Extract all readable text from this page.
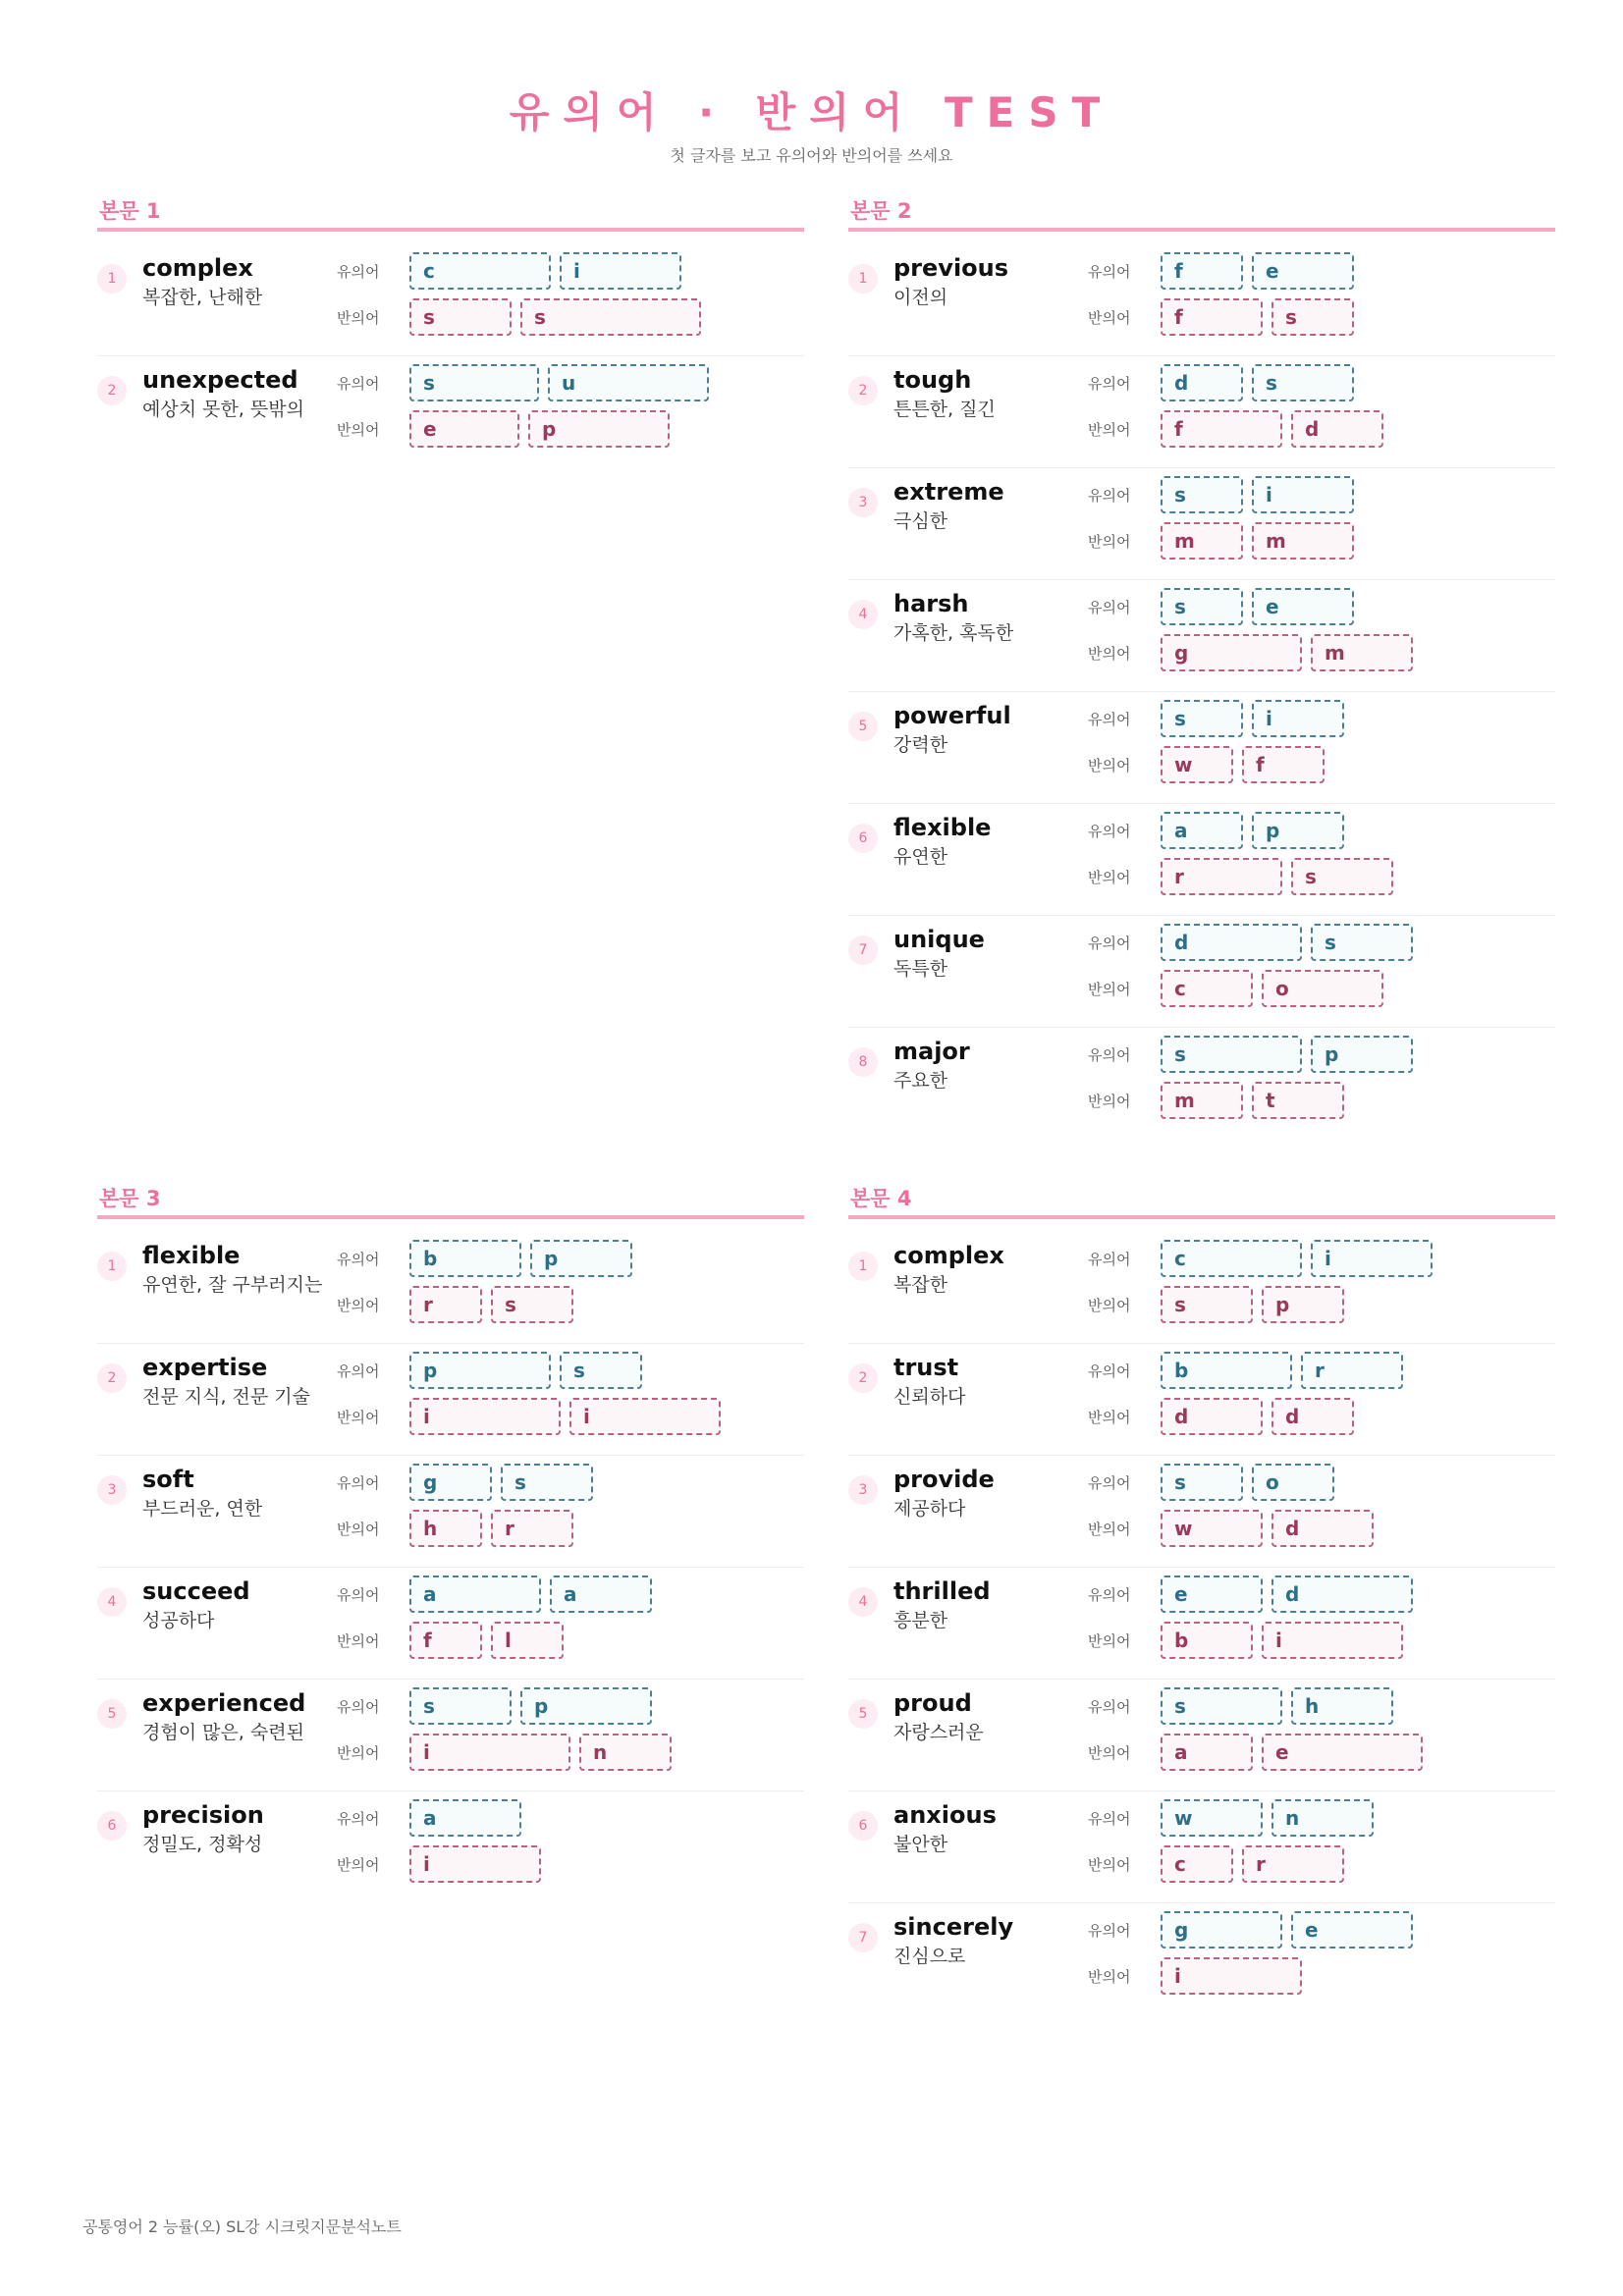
유의어 · 반의어 TEST
첫 글자를 보고 유의어와 반의어를 쓰세요
본문 1
1	complex
복잡한, 난해한
유의어	c	i
반의어	s	s
2	unexpected
예상치 못한, 뜻밖의
유의어	s	u
반의어	e	p
본문 2
1	previous
이전의
유의어	f	e
반의어	f	s
2	tough
튼튼한, 질긴
유의어	d	s
반의어	f	d
3	extreme
극심한
유의어	s	i
반의어	m	m
4	harsh
가혹한, 혹독한
유의어	s	e
반의어	g	m
5	powerful
강력한
유의어	s	i
반의어	w	f
6	flexible
유연한
유의어	a	p
반의어	r	s
7	unique
독특한
유의어	d	s
반의어	c	o
8	major
주요한
유의어	s	p
반의어	m	t
본문 3
1	flexible
유연한, 잘 구부러지는
유의어	b	p
반의어	r	s
2	expertise
전문 지식, 전문 기술
유의어	p	s
반의어	i	i
3	soft
부드러운, 연한
유의어	g	s
반의어	h	r
4	succeed
성공하다
유의어	a	a
반의어	f	l
5	experienced
경험이 많은, 숙련된
유의어	s	p
반의어	i	n
6	precision
정밀도, 정확성
유의어	a
반의어	i
본문 4
1	complex
복잡한
유의어	c	i
반의어	s	p
2	trust
신뢰하다
유의어	b	r
반의어	d	d
3	provide
제공하다
유의어	s	o
반의어	w	d
4	thrilled
흥분한
유의어	e	d
반의어	b	i
5	proud
자랑스러운
유의어	s	h
반의어	a	e
6	anxious
불안한
유의어	w	n
반의어	c	r
7	sincerely
진심으로
유의어	g	e
반의어	i
공통영어 2 능률(오) SL강 시크릿지문분석노트
